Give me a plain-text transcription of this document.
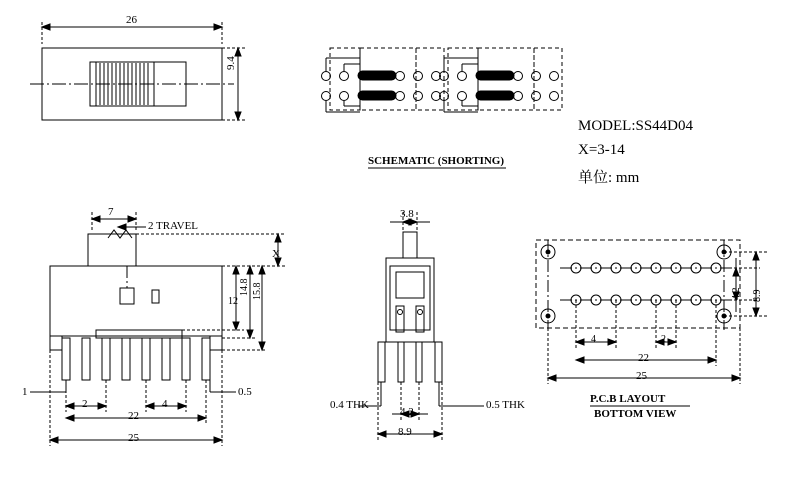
MODEL:SS44D04
X=3-14
单位: mm
SCHEMATIC (SHORTING)
26
9.4
7
2 TRAVEL
X
12
14.8 15.8
1
2	4
0.5
22
25
3.8
0.4 THK	0.5 THK
4.2
8.9
4	2
22
25
4.2 8.9
P.C.B LAYOUT
BOTTOM VIEW
